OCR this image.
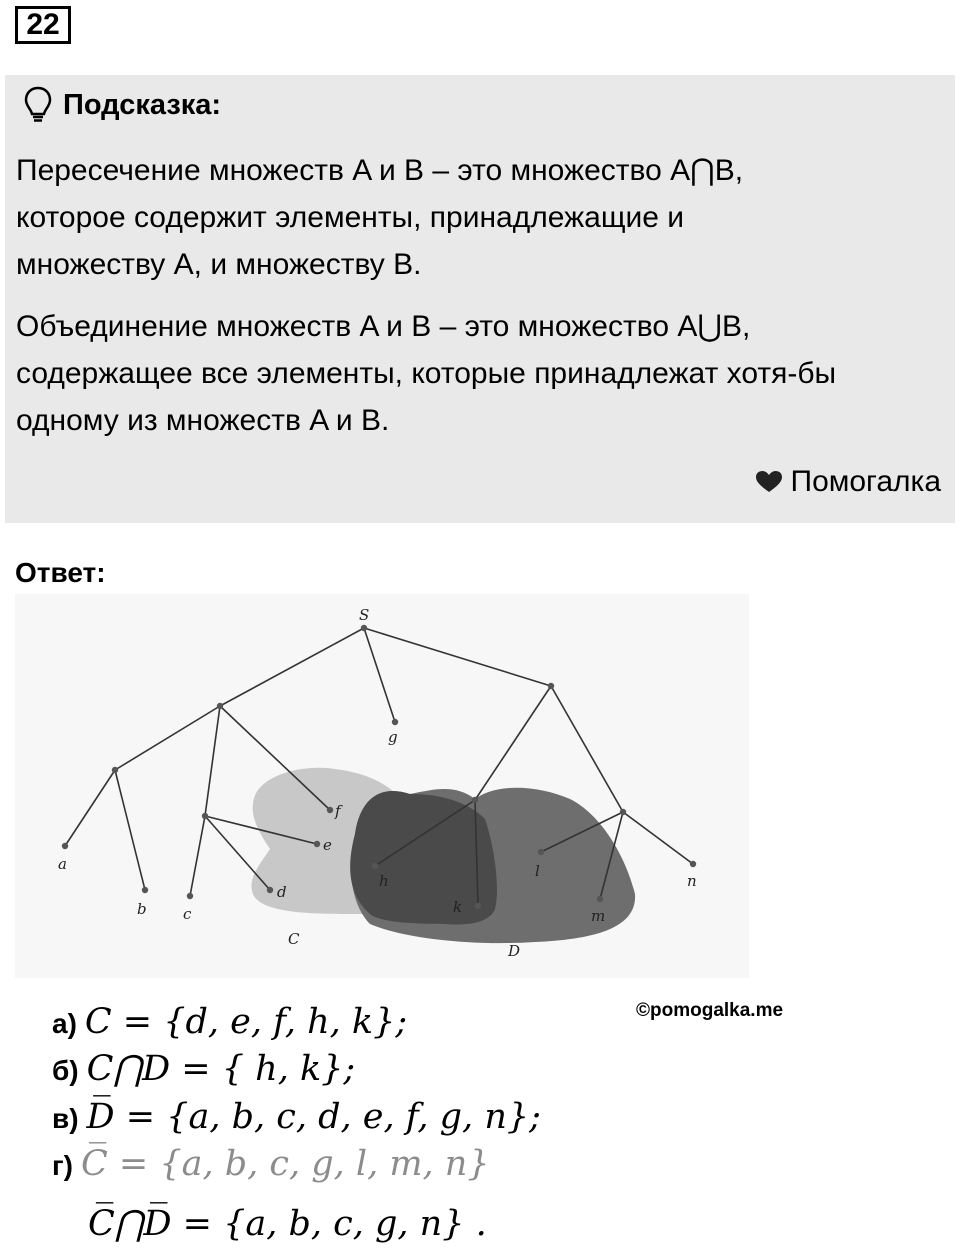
22
Подсказка:
Пересечение множеств A и B – это множество A⋂B,
которое содержит элементы, принадлежащие и

множеству A, и множеству B.
Объединение множеств A и B – это множество A⋃B,
содержащее все элементы, которые принадлежат хотя-бы
одному из множеств A и B.
Помогалка
Ответ:
S
g
a
b c
f
e
d
h
k
l
m
n
C
D
©pomogalka.me
а) C = {d, e, f, h, k};
б) C⋂D = { h, k};
в) D̅ = {a, b, c, d, e, f, g, n};
г) C̅ = {a, b, c, g, l, m, n}
C̅⋂D̅ = {a, b, c, g, n} .
